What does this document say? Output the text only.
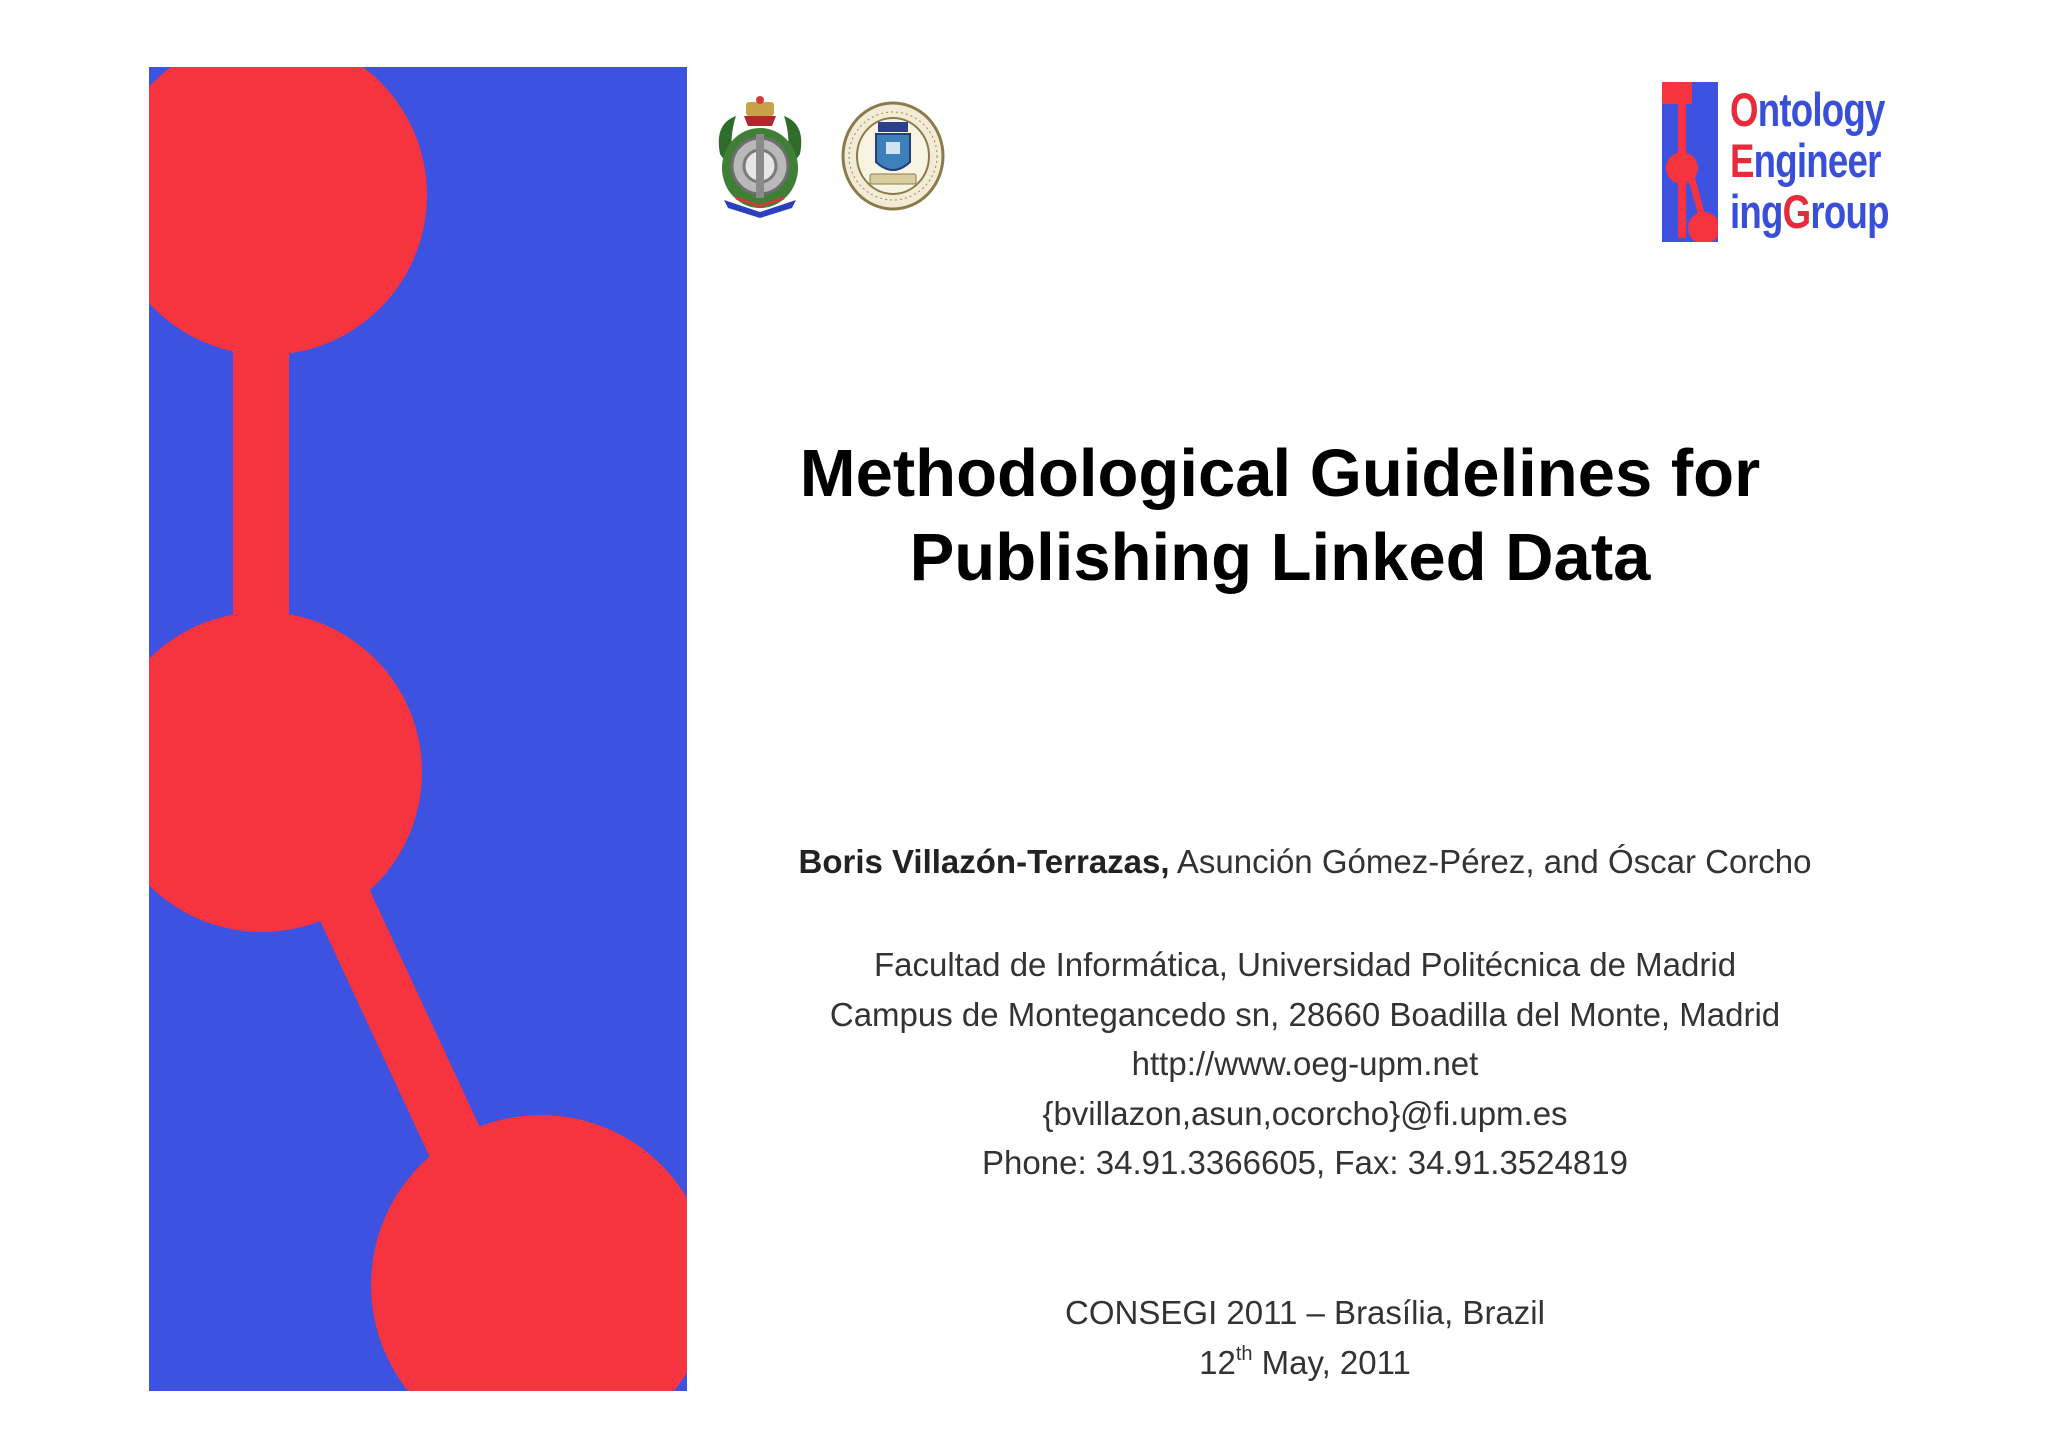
Ontology
Engineer
ingGroup
Methodological Guidelines for
Publishing Linked Data
Boris Villazón-Terrazas, Asunción Gómez-Pérez, and Óscar Corcho
Facultad de Informática, Universidad Politécnica de Madrid
Campus de Montegancedo sn, 28660 Boadilla del Monte, Madrid
http://www.oeg-upm.net
{bvillazon,asun,ocorcho}@fi.upm.es
Phone: 34.91.3366605, Fax: 34.91.3524819
CONSEGI 2011 – Brasília, Brazil
12th May, 2011
